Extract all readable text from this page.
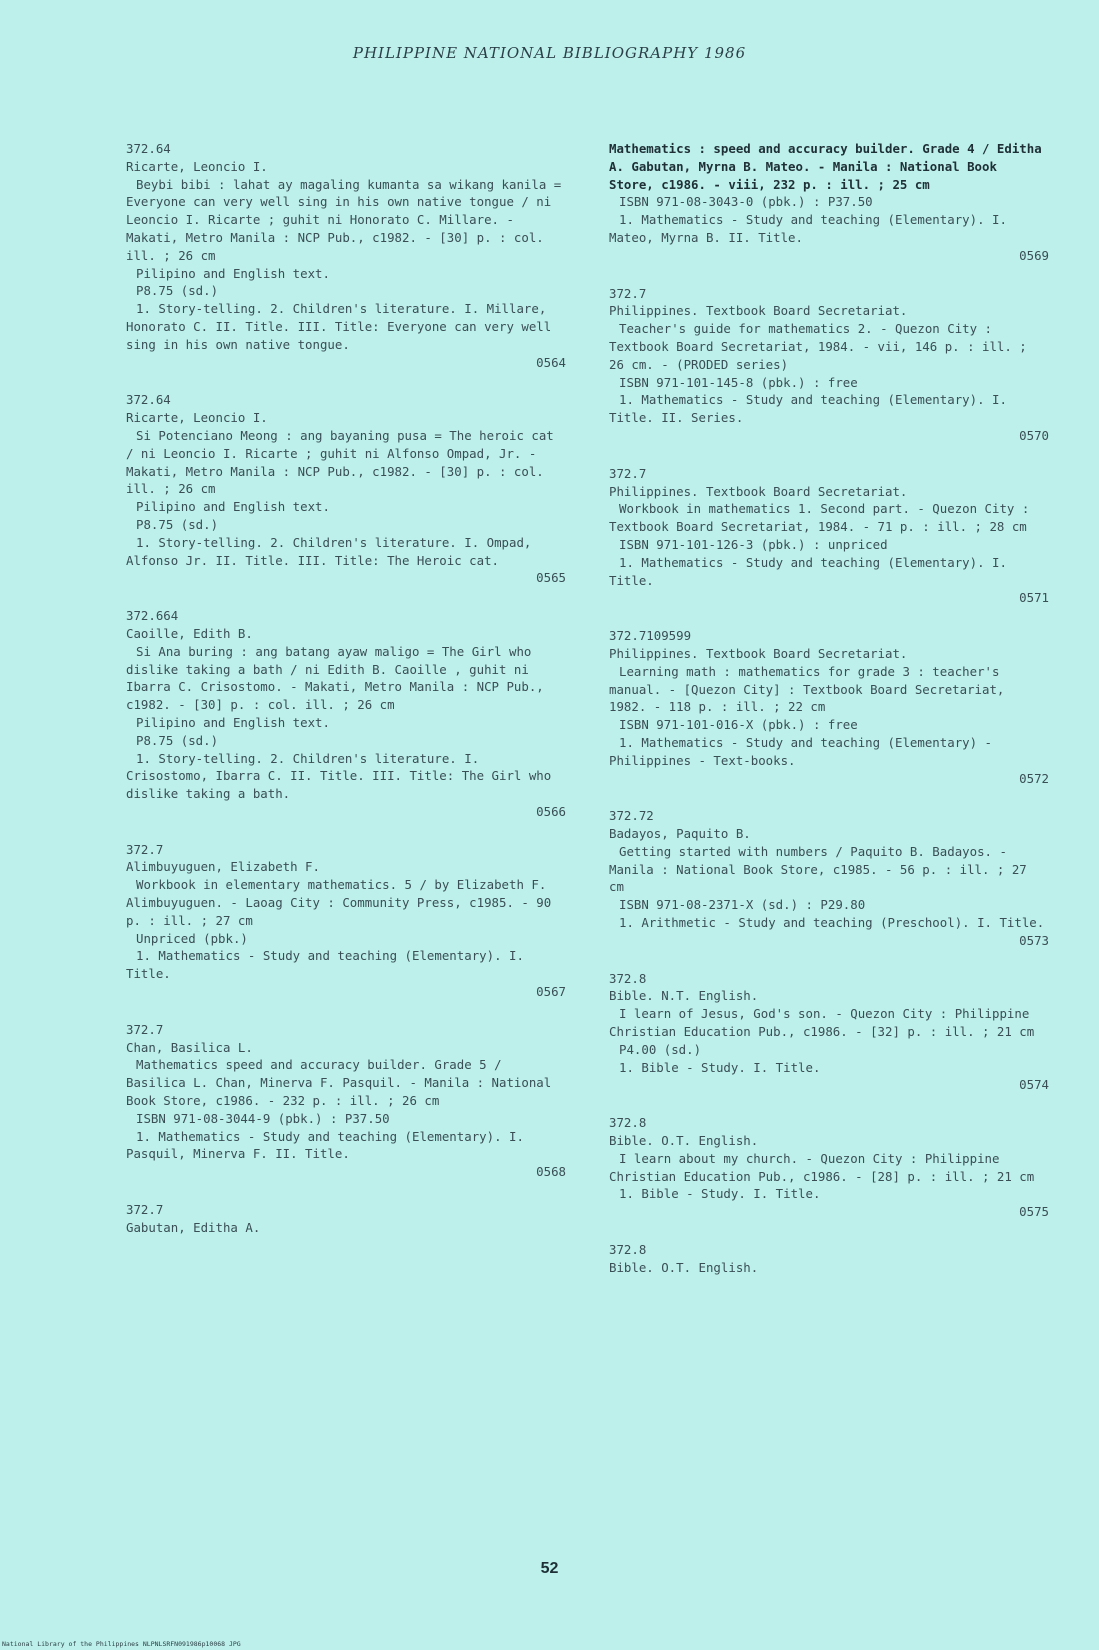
PHILIPPINE NATIONAL BIBLIOGRAPHY 1986
372.64
Ricarte, Leoncio I.
Beybi bibi : lahat ay magaling kumanta sa wikang kanila = Everyone can very well sing in his own native tongue / ni Leoncio I. Ricarte ; guhit ni Honorato C. Millare. - Makati, Metro Manila : NCP Pub., c1982. - [30] p. : col. ill. ; 26 cm
Pilipino and English text.
P8.75 (sd.)
1. Story-telling. 2. Children's literature. I. Millare, Honorato C. II. Title. III. Title: Everyone can very well sing in his own native tongue.
0564
372.64
Ricarte, Leoncio I.
Si Potenciano Meong : ang bayaning pusa = The heroic cat / ni Leoncio I. Ricarte ; guhit ni Alfonso Ompad, Jr. - Makati, Metro Manila : NCP Pub., c1982. - [30] p. : col. ill. ; 26 cm
Pilipino and English text.
P8.75 (sd.)
1. Story-telling. 2. Children's literature. I. Ompad, Alfonso Jr. II. Title. III. Title: The Heroic cat.
0565
372.664
Caoille, Edith B.
Si Ana buring : ang batang ayaw maligo = The Girl who dislike taking a bath / ni Edith B. Caoille , guhit ni Ibarra C. Crisostomo. - Makati, Metro Manila : NCP Pub., c1982. - [30] p. : col. ill. ; 26 cm
Pilipino and English text.
P8.75 (sd.)
1. Story-telling. 2. Children's literature. I. Crisostomo, Ibarra C. II. Title. III. Title: The Girl who dislike taking a bath.
0566
372.7
Alimbuyuguen, Elizabeth F.
Workbook in elementary mathematics. 5 / by Elizabeth F. Alimbuyuguen. - Laoag City : Community Press, c1985. - 90 p. : ill. ; 27 cm
Unpriced (pbk.)
1. Mathematics - Study and teaching (Elementary). I. Title.
0567
372.7
Chan, Basilica L.
Mathematics speed and accuracy builder. Grade 5 / Basilica L. Chan, Minerva F. Pasquil. - Manila : National Book Store, c1986. - 232 p. : ill. ; 26 cm
ISBN 971-08-3044-9 (pbk.) : P37.50
1. Mathematics - Study and teaching (Elementary). I. Pasquil, Minerva F. II. Title.
0568
372.7
Gabutan, Editha A.
Mathematics : speed and accuracy builder. Grade 4 / Editha A. Gabutan, Myrna B. Mateo. - Manila : National Book Store, c1986. - viii, 232 p. : ill. ; 25 cm
ISBN 971-08-3043-0 (pbk.) : P37.50
1. Mathematics - Study and teaching (Elementary). I. Mateo, Myrna B. II. Title.
0569
372.7
Philippines. Textbook Board Secretariat.
Teacher's guide for mathematics 2. - Quezon City : Textbook Board Secretariat, 1984. - vii, 146 p. : ill. ; 26 cm. - (PRODED series)
ISBN 971-101-145-8 (pbk.) : free
1. Mathematics - Study and teaching (Elementary). I. Title. II. Series.
0570
372.7
Philippines. Textbook Board Secretariat.
Workbook in mathematics 1. Second part. - Quezon City : Textbook Board Secretariat, 1984. - 71 p. : ill. ; 28 cm
ISBN 971-101-126-3 (pbk.) : unpriced
1. Mathematics - Study and teaching (Elementary). I. Title.
0571
372.7109599
Philippines. Textbook Board Secretariat.
Learning math : mathematics for grade 3 : teacher's manual. - [Quezon City] : Textbook Board Secretariat, 1982. - 118 p. : ill. ; 22 cm
ISBN 971-101-016-X (pbk.) : free
1. Mathematics - Study and teaching (Elementary) - Philippines - Text-books.
0572
372.72
Badayos, Paquito B.
Getting started with numbers / Paquito B. Badayos. - Manila : National Book Store, c1985. - 56 p. : ill. ; 27 cm
ISBN 971-08-2371-X (sd.) : P29.80
1. Arithmetic - Study and teaching (Preschool). I. Title.
0573
372.8
Bible. N.T. English.
I learn of Jesus, God's son. - Quezon City : Philippine Christian Education Pub., c1986. - [32] p. : ill. ; 21 cm
P4.00 (sd.)
1. Bible - Study. I. Title.
0574
372.8
Bible. O.T. English.
I learn about my church. - Quezon City : Philippine Christian Education Pub., c1986. - [28] p. : ill. ; 21 cm
1. Bible - Study. I. Title.
0575
372.8
Bible. O.T. English.
52
National Library of the Philippines NLPNLSRFN091986p10068 JPG
